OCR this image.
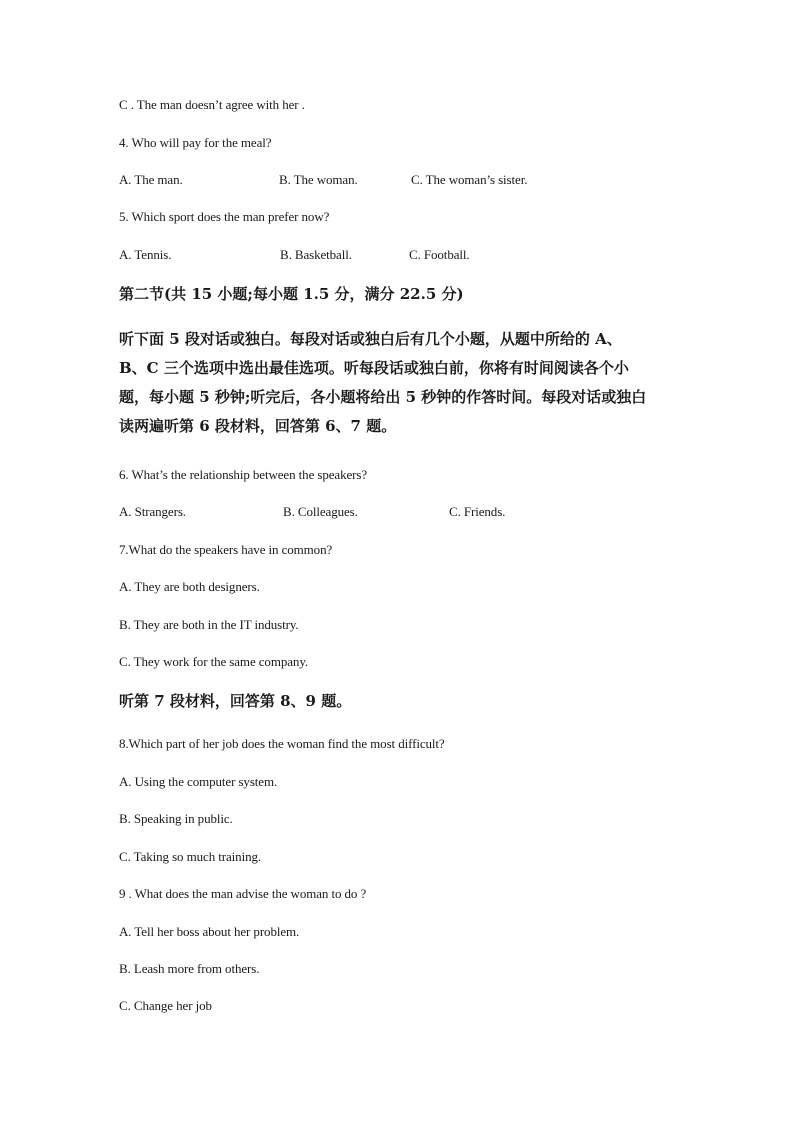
C . The man doesn’t agree with her .
4. Who will pay for the meal?
A. The man.	B. The woman.	C. The woman’s sister.
5. Which sport does the man prefer now?
A. Tennis.	B. Basketball.	C. Football.
第二节(共 15 小题;每小题 1.5 分，满分 22.5 分)
听下面 5 段对话或独白。每段对话或独白后有几个小题，从题中所给的 A、
B、C 三个选项中选出最佳选项。听每段话或独白前，你将有时间阅读各个小
题，每小题 5 秒钟;听完后，各小题将给出 5 秒钟的作答时间。每段对话或独白
读两遍听第 6 段材料，回答第 6、7 题。
6. What’s the relationship between the speakers?
A. Strangers.	B. Colleagues.	C. Friends.
7.What do the speakers have in common?
A. They are both designers.
B. They are both in the IT industry.
C. They work for the same company.
听第 7 段材料，回答第 8、9 题。
8.Which part of her job does the woman find the most difficult?
A. Using the computer system.
B. Speaking in public.
C. Taking so much training.
9 . What does the man advise the woman to do ?
A. Tell her boss about her problem.
B. Leash more from others.
C. Change her job
